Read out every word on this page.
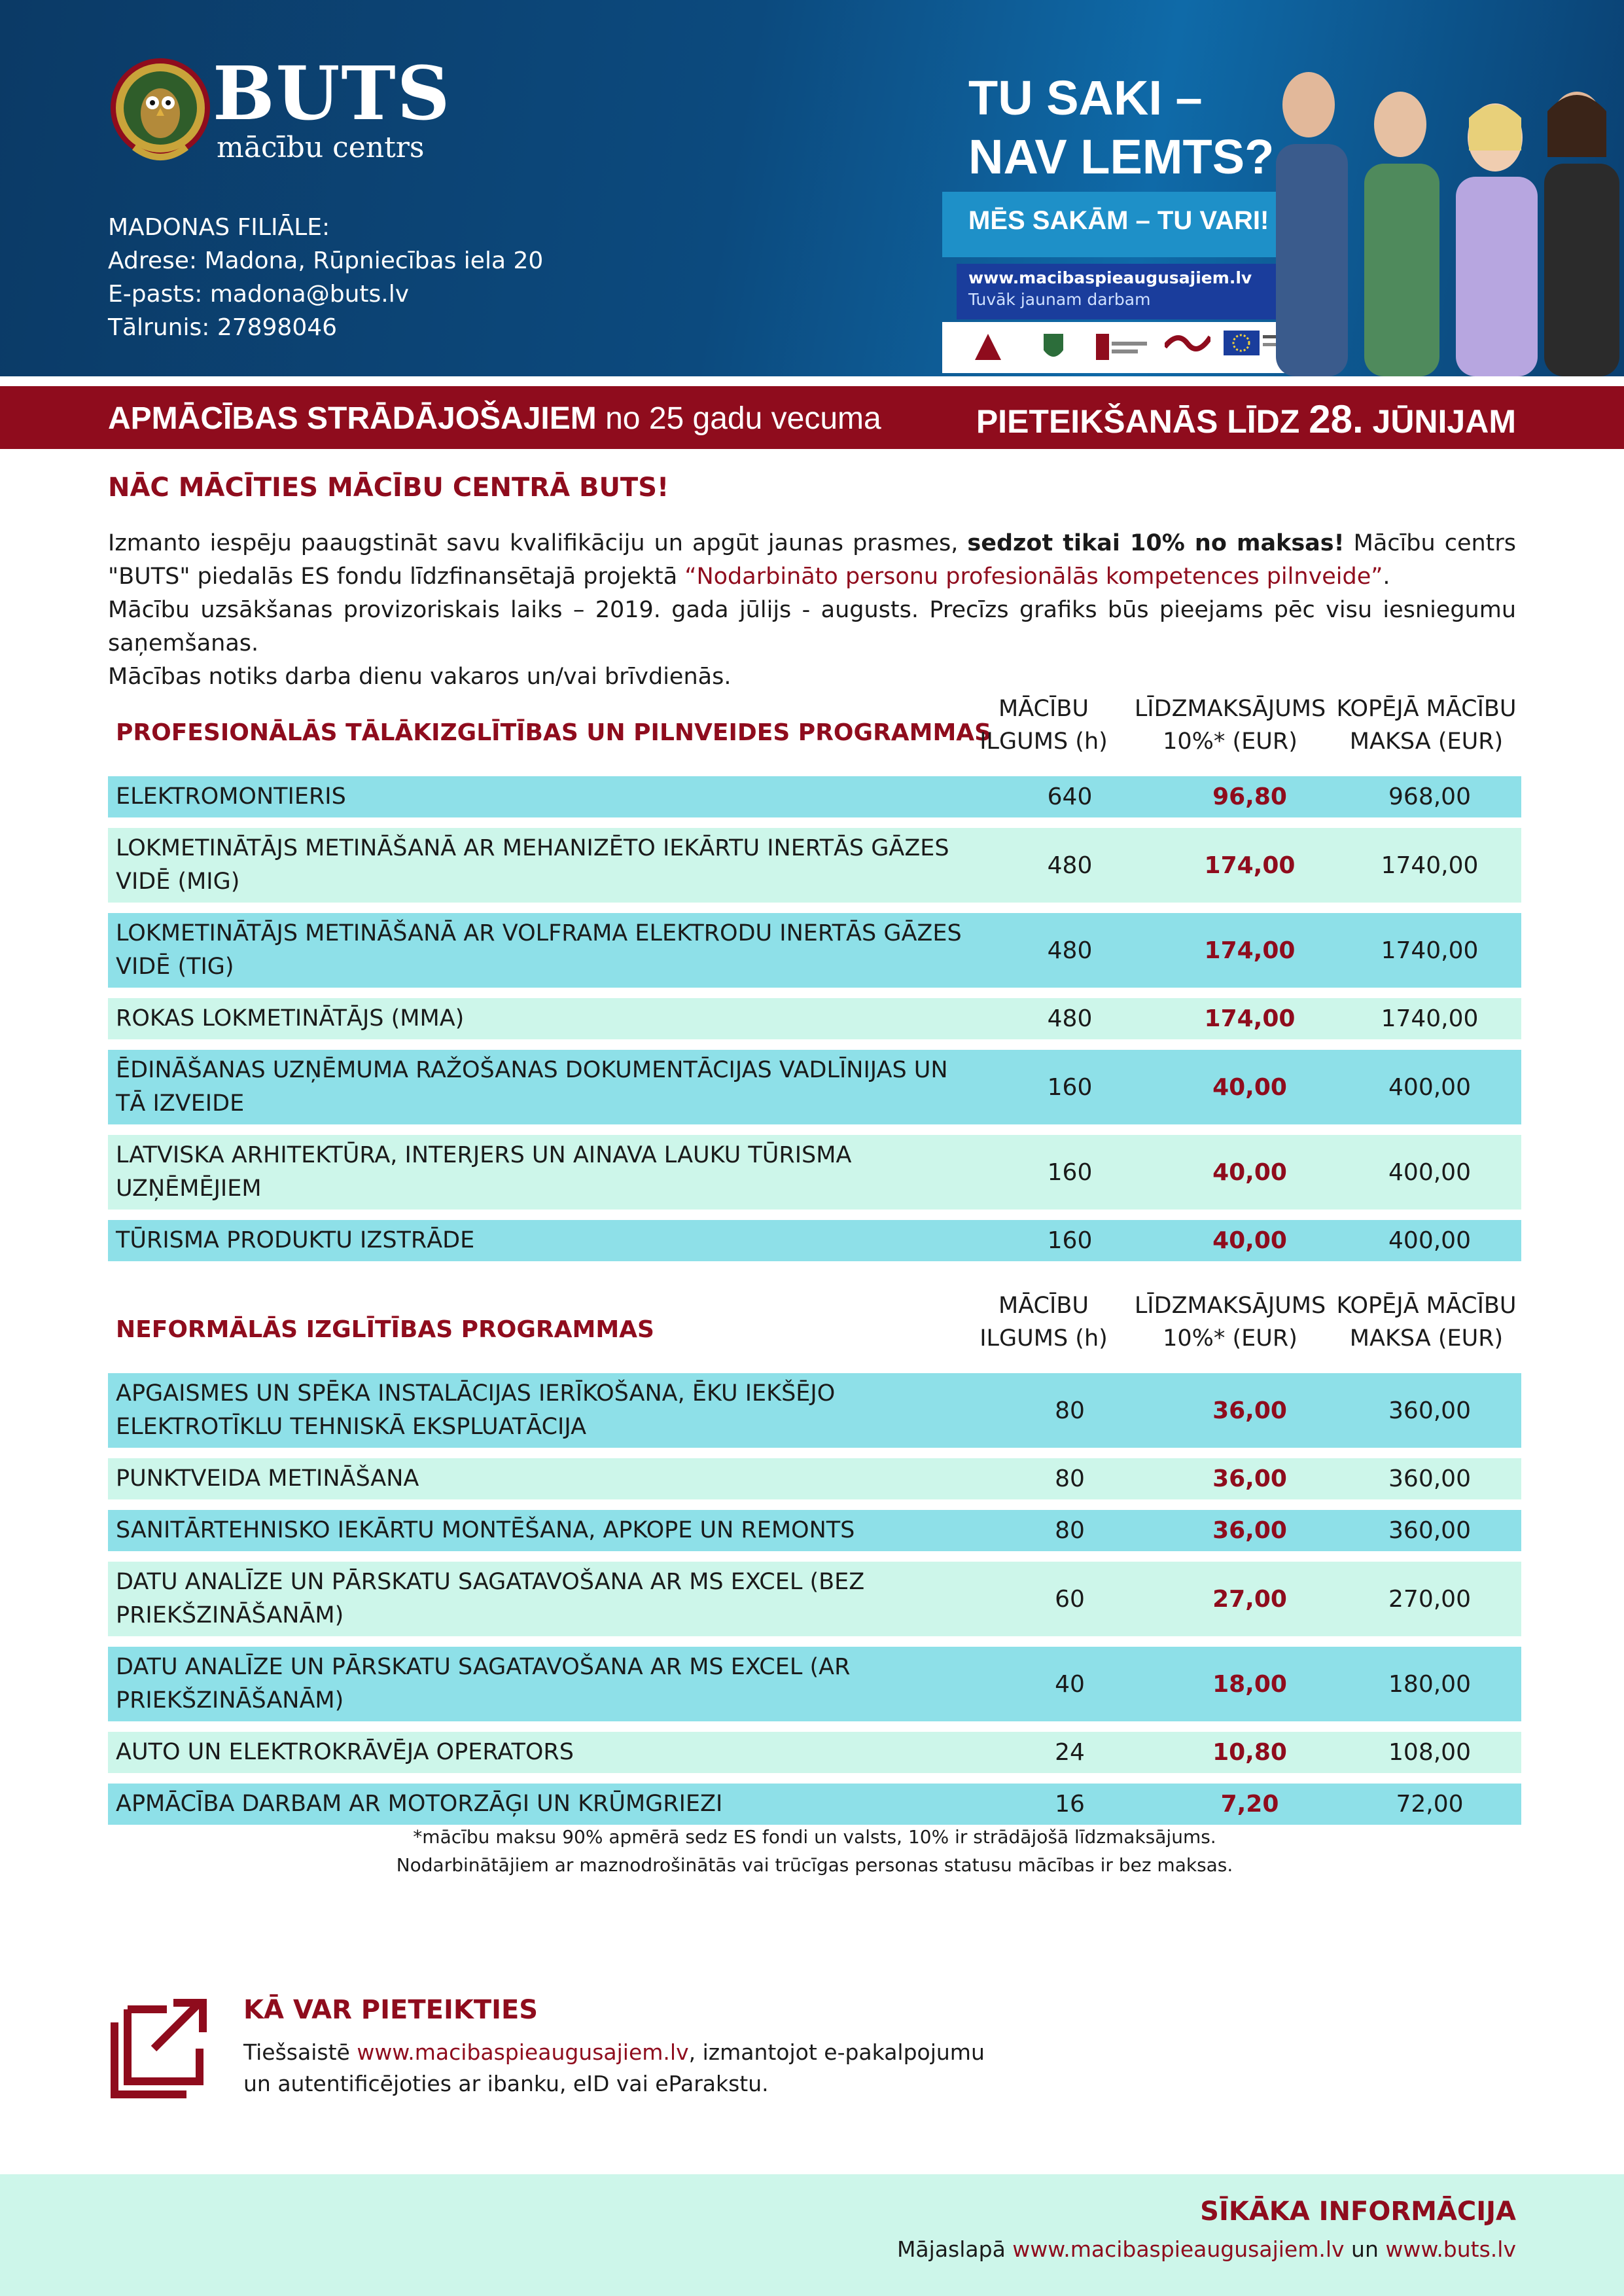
BUTS
mācību centrs
MADONAS FILIĀLE:
Adrese: Madona, Rūpniecības iela 20
E-pasts: madona@buts.lv
Tālrunis: 27898046
TU SAKI –
NAV LEMTS?
MĒS SAKĀM – TU VARI!
www.macibaspieaugusajiem.lv
Tuvāk jaunam darbam
APMĀCĪBAS STRĀDĀJOŠAJIEM no 25 gadu vecuma	PIETEIKŠANĀS LĪDZ 28. JŪNIJAM
NĀC MĀCĪTIES MĀCĪBU CENTRĀ BUTS!

Izmanto iespēju paaugstināt savu kvalifikāciju un apgūt jaunas prasmes, sedzot tikai 10% no maksas! Mācību centrs "BUTS" piedalās ES fondu līdzfinansētajā projektā “Nodarbināto personu profesionālās kompetences pilnveide”.

Mācību uzsākšanas provizoriskais laiks – 2019. gada jūlijs - augusts. Precīzs grafiks būs pieejams pēc visu iesniegumu saņemšanas.

Mācības notiks darba dienu vakaros un/vai brīvdienās.

PROFESIONĀLĀS TĀLĀKIZGLĪTĪBAS UN PILNVEIDES PROGRAMMAS
MĀCĪBU
ILGUMS (h)
LĪDZMAKSĀJUMS
10%* (EUR)
KOPĒJĀ MĀCĪBU
MAKSA (EUR)
ELEKTROMONTIERIS	640	96,80	968,00
LOKMETINĀTĀJS METINĀŠANĀ AR MEHANIZĒTO IEKĀRTU INERTĀS GĀZES VIDĒ (MIG)
480	174,00	1740,00
LOKMETINĀTĀJS METINĀŠANĀ AR VOLFRAMA ELEKTRODU INERTĀS GĀZES VIDĒ (TIG)
480	174,00	1740,00
ROKAS LOKMETINĀTĀJS (MMA)	480	174,00	1740,00
ĒDINĀŠANAS UZŅĒMUMA RAŽOŠANAS DOKUMENTĀCIJAS VADLĪNIJAS UN TĀ IZVEIDE
160	40,00	400,00
LATVISKA ARHITEKTŪRA, INTERJERS UN AINAVA LAUKU TŪRISMA UZŅĒMĒJIEM
160	40,00	400,00
TŪRISMA PRODUKTU IZSTRĀDE	160	40,00	400,00
NEFORMĀLĀS IZGLĪTĪBAS PROGRAMMAS
MĀCĪBU
ILGUMS (h)
LĪDZMAKSĀJUMS
10%* (EUR)
KOPĒJĀ MĀCĪBU
MAKSA (EUR)
APGAISMES UN SPĒKA INSTALĀCIJAS IERĪKOŠANA, ĒKU IEKŠĒJO ELEKTROTĪKLU TEHNISKĀ EKSPLUATĀCIJA
80	36,00	360,00
PUNKTVEIDA METINĀŠANA	80	36,00	360,00
SANITĀRTEHNISKO IEKĀRTU MONTĒŠANA, APKOPE UN REMONTS	80	36,00	360,00
DATU ANALĪZE UN PĀRSKATU SAGATAVOŠANA AR MS EXCEL (BEZ PRIEKŠZINĀŠANĀM)
60	27,00	270,00
DATU ANALĪZE UN PĀRSKATU SAGATAVOŠANA AR MS EXCEL (AR PRIEKŠZINĀŠANĀM)
40	18,00	180,00
AUTO UN ELEKTROKRĀVĒJA OPERATORS	24	10,80	108,00
APMĀCĪBA DARBAM AR MOTORZĀĢI UN KRŪMGRIEZI	16	7,20	72,00
*mācību maksu 90% apmērā sedz ES fondi un valsts, 10% ir strādājošā līdzmaksājums.
Nodarbinātājiem ar maznodrošinātās vai trūcīgas personas statusu mācības ir bez maksas.
KĀ VAR PIETEIKTIES
Tiešsaistē www.macibaspieaugusajiem.lv, izmantojot e-pakalpojumu
un autentificējoties ar ibanku, eID vai eParakstu.
SĪKĀKA INFORMĀCIJA
Mājaslapā www.macibaspieaugusajiem.lv un www.buts.lv
